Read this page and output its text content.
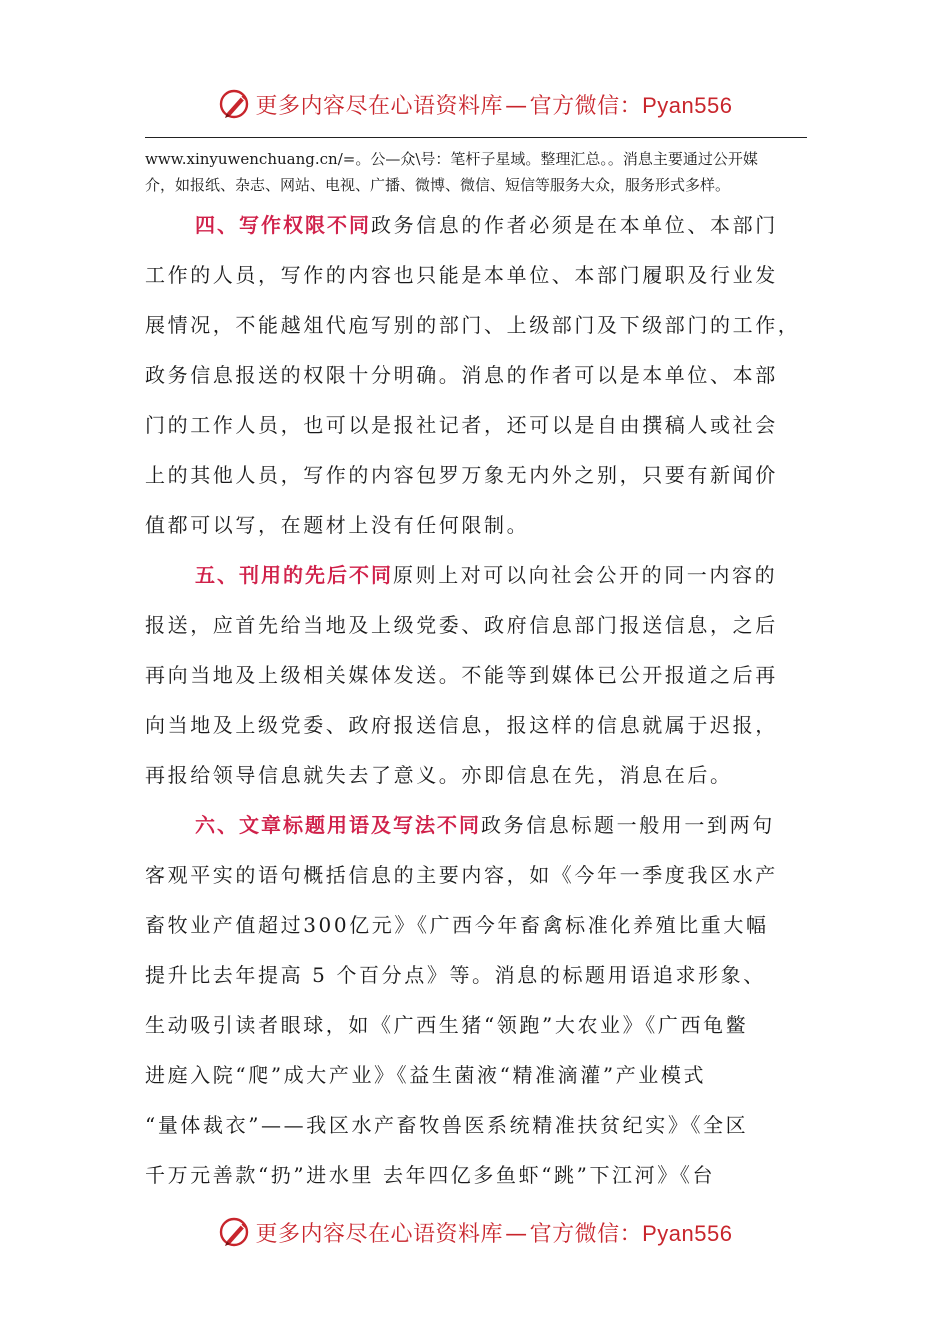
更多内容尽在心语资料库—官方微信：Pyan556
www.xinyuwenchuang.cn/=。公—众\号：笔杆子星域。整理汇总。。消息主要通过公开媒
介，如报纸、杂志、网站、电视、广播、微博、微信、短信等服务大众，服务形式多样。
四、写作权限不同政务信息的作者必须是在本单位、本部门
工作的人员，写作的内容也只能是本单位、本部门履职及行业发
展情况，不能越俎代庖写别的部门、上级部门及下级部门的工作，
政务信息报送的权限十分明确。消息的作者可以是本单位、本部
门的工作人员，也可以是报社记者，还可以是自由撰稿人或社会
上的其他人员，写作的内容包罗万象无内外之别，只要有新闻价
值都可以写，在题材上没有任何限制。
五、刊用的先后不同原则上对可以向社会公开的同一内容的
报送，应首先给当地及上级党委、政府信息部门报送信息，之后
再向当地及上级相关媒体发送。不能等到媒体已公开报道之后再
向当地及上级党委、政府报送信息，报这样的信息就属于迟报，
再报给领导信息就失去了意义。亦即信息在先，消息在后。
六、文章标题用语及写法不同政务信息标题一般用一到两句
客观平实的语句概括信息的主要内容，如《今年一季度我区水产
畜牧业产值超过300亿元》《广西今年畜禽标准化养殖比重大幅
提升比去年提高 5 个百分点》等。消息的标题用语追求形象、
生动吸引读者眼球，如《广西生猪“领跑”大农业》《广西龟鳖
进庭入院“爬”成大产业》《益生菌液“精准滴灌”产业模式
“量体裁衣”——我区水产畜牧兽医系统精准扶贫纪实》《全区
千万元善款“扔”进水里 去年四亿多鱼虾“跳”下江河》《台
更多内容尽在心语资料库—官方微信：Pyan556
